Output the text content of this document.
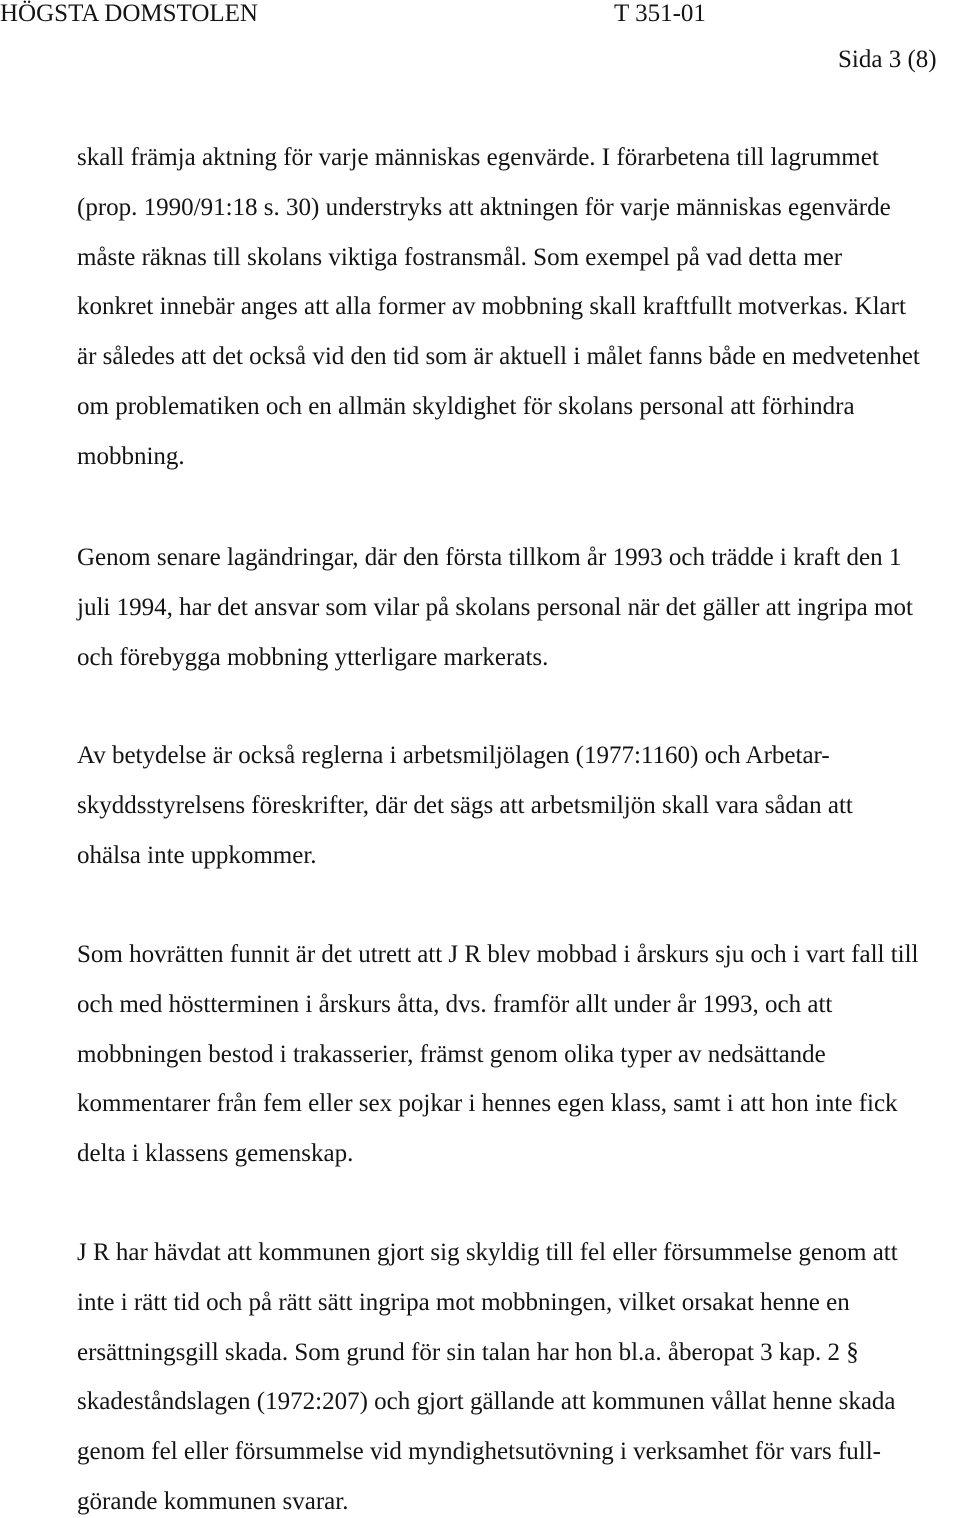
HÖGSTA DOMSTOLEN	T 351-01
Sida 3 (8)
skall främja aktning för varje människas egenvärde. I förarbetena till lagrummet
(prop. 1990/91:18 s. 30) understryks att aktningen för varje människas egenvärde
måste räknas till skolans viktiga fostransmål. Som exempel på vad detta mer
konkret innebär anges att alla former av mobbning skall kraftfullt motverkas. Klart
är således att det också vid den tid som är aktuell i målet fanns både en medvetenhet
om problematiken och en allmän skyldighet för skolans personal att förhindra
mobbning.
Genom senare lagändringar, där den första tillkom år 1993 och trädde i kraft den 1
juli 1994, har det ansvar som vilar på skolans personal när det gäller att ingripa mot
och förebygga mobbning ytterligare markerats.
Av betydelse är också reglerna i arbetsmiljölagen (1977:1160) och Arbetar-
skyddsstyrelsens föreskrifter, där det sägs att arbetsmiljön skall vara sådan att
ohälsa inte uppkommer.
Som hovrätten funnit är det utrett att J R blev mobbad i årskurs sju och i vart fall till
och med höstterminen i årskurs åtta, dvs. framför allt under år 1993, och att
mobbningen bestod i trakasserier, främst genom olika typer av nedsättande
kommentarer från fem eller sex pojkar i hennes egen klass, samt i att hon inte fick
delta i klassens gemenskap.
J R har hävdat att kommunen gjort sig skyldig till fel eller försummelse genom att
inte i rätt tid och på rätt sätt ingripa mot mobbningen, vilket orsakat henne en
ersättningsgill skada. Som grund för sin talan har hon bl.a. åberopat 3 kap. 2 §
skadeståndslagen (1972:207) och gjort gällande att kommunen vållat henne skada
genom fel eller försummelse vid myndighetsutövning i verksamhet för vars full-
görande kommunen svarar.
